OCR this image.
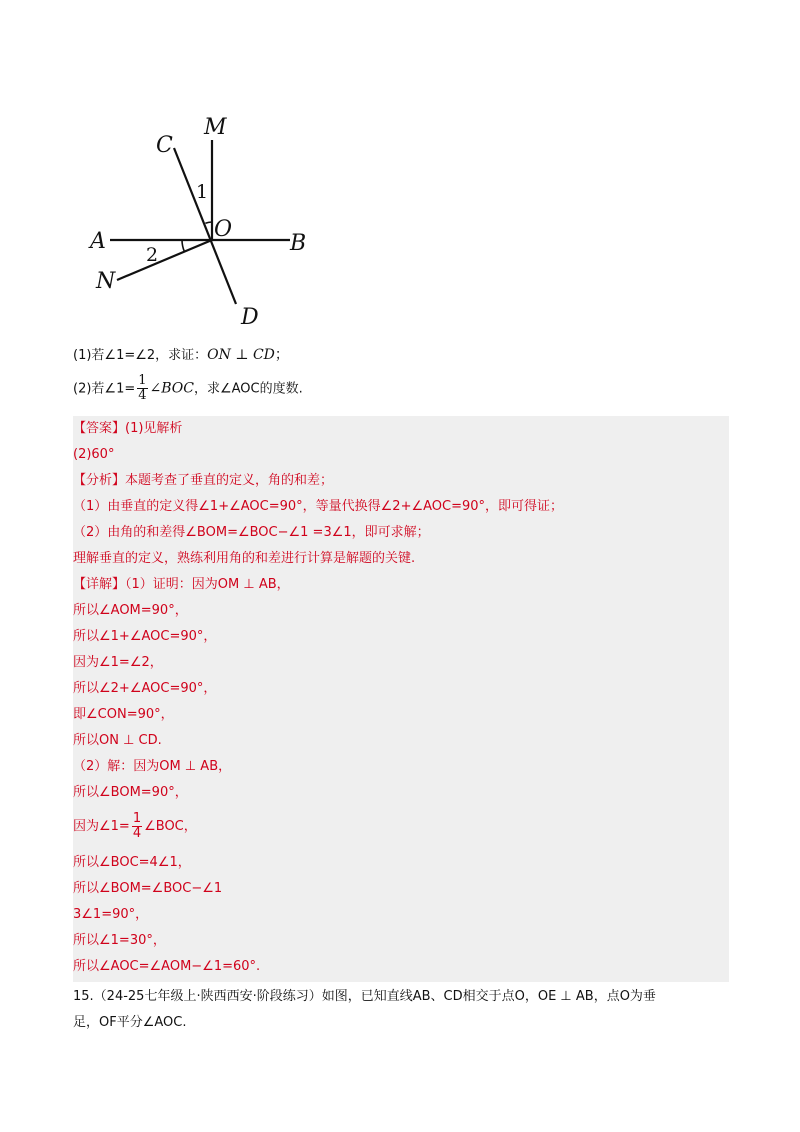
M
C
O
A	B
N
D
1
2
(1)若∠1=∠2，求证：ON ⊥ CD；
(2)若∠1= $\frac{1}{4}$ ∠BOC，求∠AOC的度数.
【答案】(1)见解析
(2)60°
【分析】本题考查了垂直的定义，角的和差；
（1）由垂直的定义得∠1+∠AOC=90°，等量代换得∠2+∠AOC=90°，即可得证；
（2）由角的和差得∠BOM=∠BOC−∠1 =3∠1，即可求解；
理解垂直的定义，熟练利用角的和差进行计算是解题的关键.
【详解】（1）证明：因为OM ⊥ AB，
所以∠AOM=90°，
所以∠1+∠AOC=90°，
因为∠1=∠2，
所以∠2+∠AOC=90°，
即∠CON=90°，
所以ON ⊥ CD.
（2）解：因为OM ⊥ AB，
所以∠BOM=90°，
因为∠1= $\frac{1}{4}$ ∠BOC，
所以∠BOC=4∠1，
所以∠BOM=∠BOC−∠1
3∠1=90°，
所以∠1=30°，
所以∠AOC=∠AOM−∠1=60°.
15.（24-25七年级上·陕西西安·阶段练习）如图，已知直线AB、CD相交于点O，OE ⊥ AB，点O为垂
足，OF平分∠AOC.
